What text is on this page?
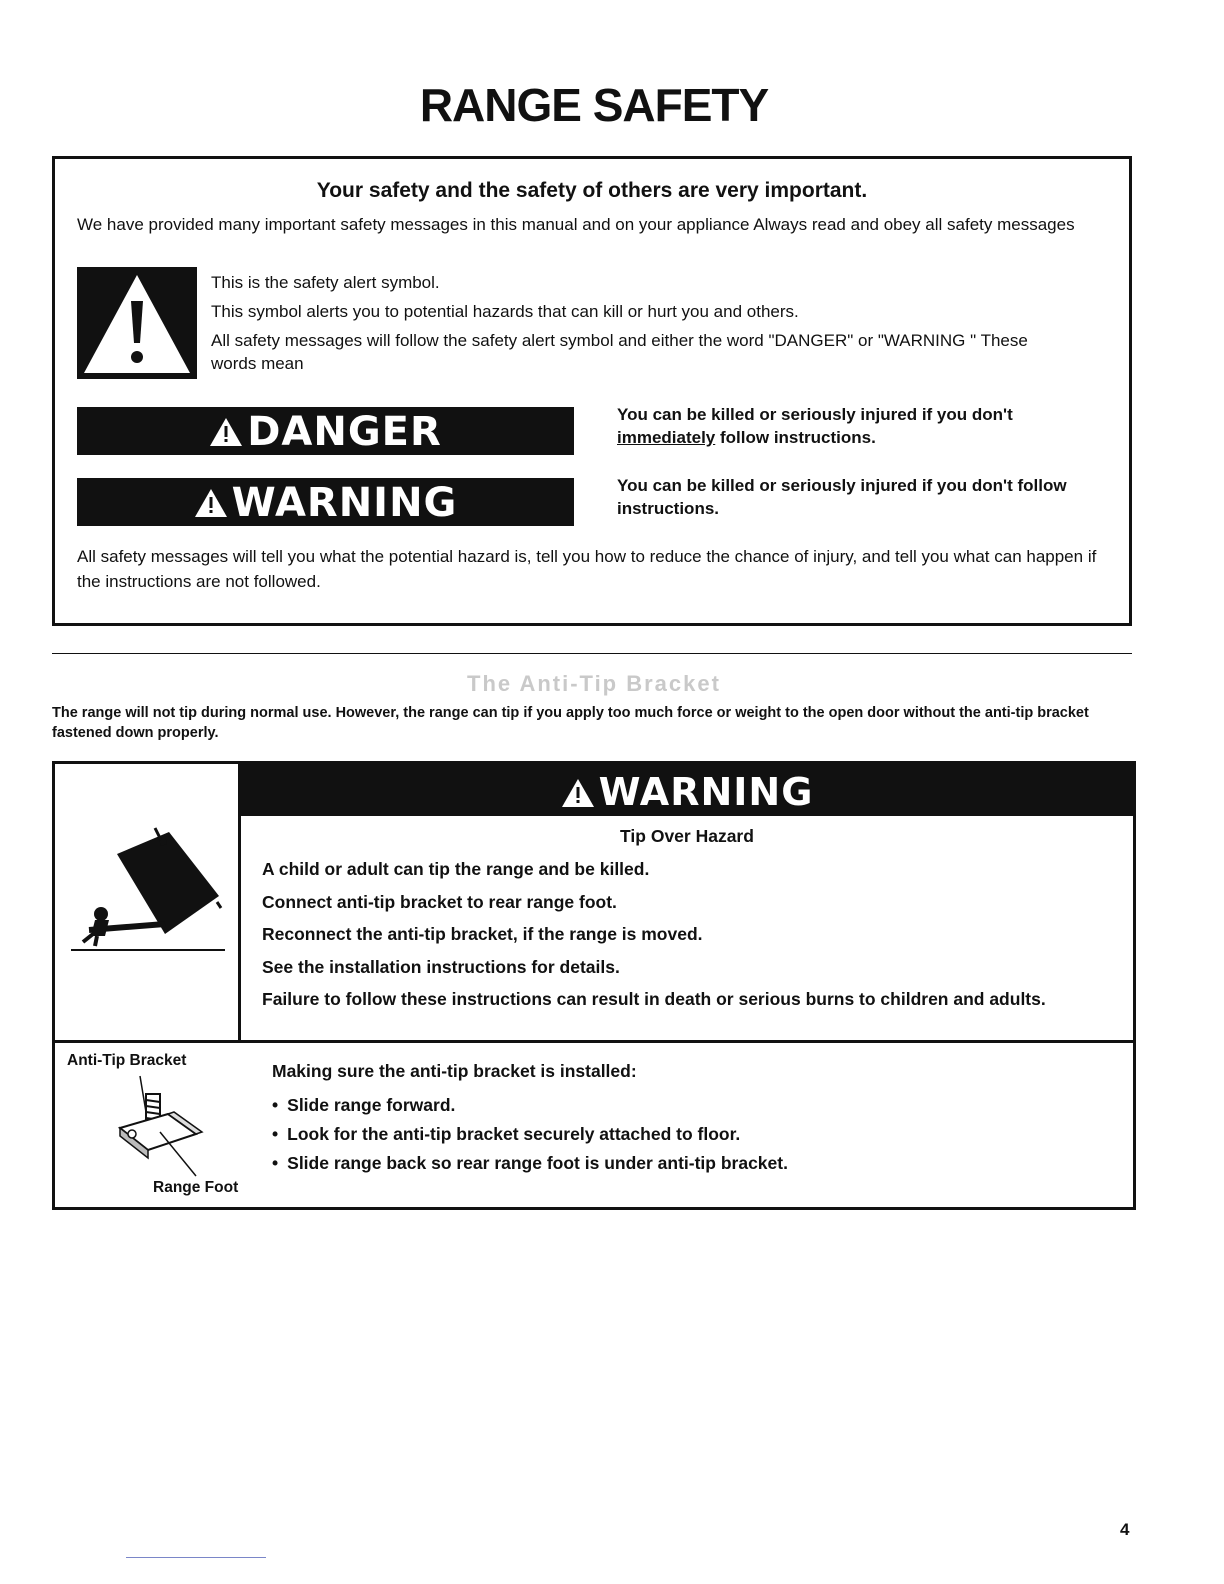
RANGE SAFETY
Your safety and the safety of others are very important.
We have provided many important safety messages in this manual and on your appliance Always read and obey all safety messages

This is the safety alert symbol.

This symbol alerts you to potential hazards that can kill or hurt you and others.

All safety messages will follow the safety alert symbol and either the word "DANGER" or "WARNING " These words mean

DANGER	You can be killed or seriously injured if you don't immediately follow instructions.
WARNING	You can be killed or seriously injured if you don't follow instructions.
All safety messages will tell you what the potential hazard is, tell you how to reduce the chance of injury, and tell you what can happen if the instructions are not followed.
The Anti-Tip Bracket
The range will not tip during normal use. However, the range can tip if you apply too much force or weight to the open door without the anti-tip bracket fastened down properly.
WARNING
Tip Over Hazard

A child or adult can tip the range and be killed.

Connect anti-tip bracket to rear range foot.

Reconnect the anti-tip bracket, if the range is moved.

See the installation instructions for details.

Failure to follow these instructions can result in death or serious burns to children and adults.

Anti-Tip Bracket
Range Foot
Making sure the anti-tip bracket is installed:
• Slide range forward.
• Look for the anti-tip bracket securely attached to floor.
• Slide range back so rear range foot is under anti-tip bracket.
4
